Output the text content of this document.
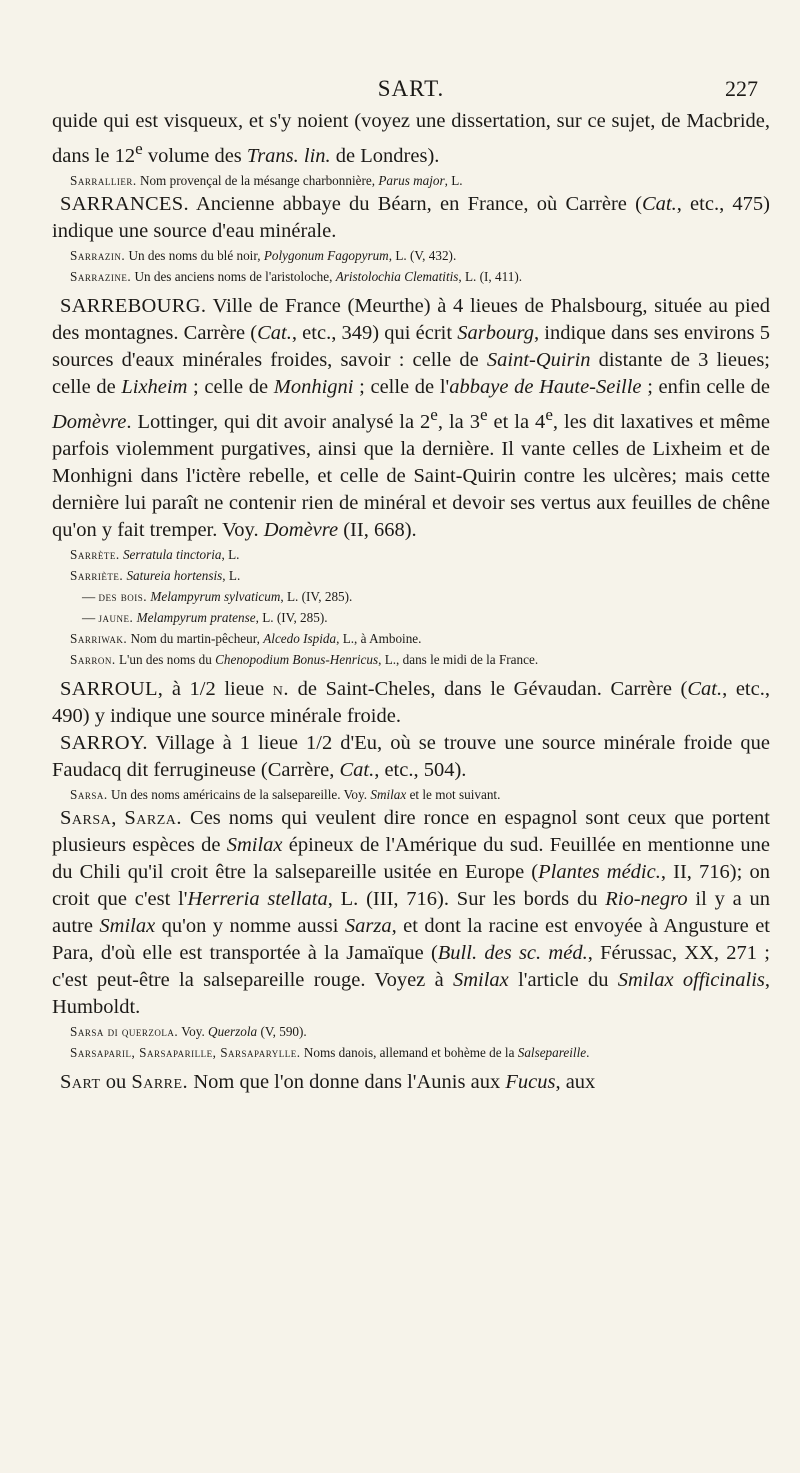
SART.	227

quide qui est visqueux, et s'y noient (voyez une dissertation, sur ce sujet, de Macbride, dans le 12e volume des Trans. lin. de Londres).

Sarrallier. Nom provençal de la mésange charbonnière, Parus major, L.

SARRANCES. Ancienne abbaye du Béarn, en France, où Carrère (Cat., etc., 475) indique une source d'eau minérale.

Sarrazin. Un des noms du blé noir, Polygonum Fagopyrum, L. (V, 432).

Sarrazine. Un des anciens noms de l'aristoloche, Aristolochia Clematitis, L. (I, 411).

SARREBOURG. Ville de France (Meurthe) à 4 lieues de Phalsbourg, située au pied des montagnes. Carrère (Cat., etc., 349) qui écrit Sarbourg, indique dans ses environs 5 sources d'eaux minérales froides, savoir : celle de Saint-Quirin distante de 3 lieues; celle de Lixheim ; celle de Monhigni ; celle de l'abbaye de Haute-Seille ; enfin celle de Domèvre. Lottinger, qui dit avoir analysé la 2e, la 3e et la 4e, les dit laxatives et même parfois violemment purgatives, ainsi que la dernière. Il vante celles de Lixheim et de Monhigni dans l'ictère rebelle, et celle de Saint-Quirin contre les ulcères; mais cette dernière lui paraît ne contenir rien de minéral et devoir ses vertus aux feuilles de chêne qu'on y fait tremper. Voy. Domèvre (II, 668).

Sarrète. Serratula tinctoria, L.

Sarriète. Satureia hortensis, L.

— des bois. Melampyrum sylvaticum, L. (IV, 285).

— jaune. Melampyrum pratense, L. (IV, 285).

Sarriwak. Nom du martin-pêcheur, Alcedo Ispida, L., à Amboine.

Sarron. L'un des noms du Chenopodium Bonus-Henricus, L., dans le midi de la France.

SARROUL, à 1/2 lieue n. de Saint-Cheles, dans le Gévaudan. Carrère (Cat., etc., 490) y indique une source minérale froide.

SARROY. Village à 1 lieue 1/2 d'Eu, où se trouve une source minérale froide que Faudacq dit ferrugineuse (Carrère, Cat., etc., 504).

Sarsa. Un des noms américains de la salsepareille. Voy. Smilax et le mot suivant.

Sarsa, Sarza. Ces noms qui veulent dire ronce en espagnol sont ceux que portent plusieurs espèces de Smilax épineux de l'Amérique du sud. Feuillée en mentionne une du Chili qu'il croit être la salsepareille usitée en Europe (Plantes médic., II, 716); on croit que c'est l'Herreria stellata, L. (III, 716). Sur les bords du Rio-negro il y a un autre Smilax qu'on y nomme aussi Sarza, et dont la racine est envoyée à Angusture et Para, d'où elle est transportée à la Jamaïque (Bull. des sc. méd., Férussac, XX, 271 ; c'est peut-être la salsepareille rouge. Voyez à Smilax l'article du Smilax officinalis, Humboldt.

Sarsa di querzola. Voy. Querzola (V, 590).

Sarsaparil, Sarsaparille, Sarsaparylle. Noms danois, allemand et bohème de la Salsepareille.

Sart ou Sarre. Nom que l'on donne dans l'Aunis aux Fucus, aux
